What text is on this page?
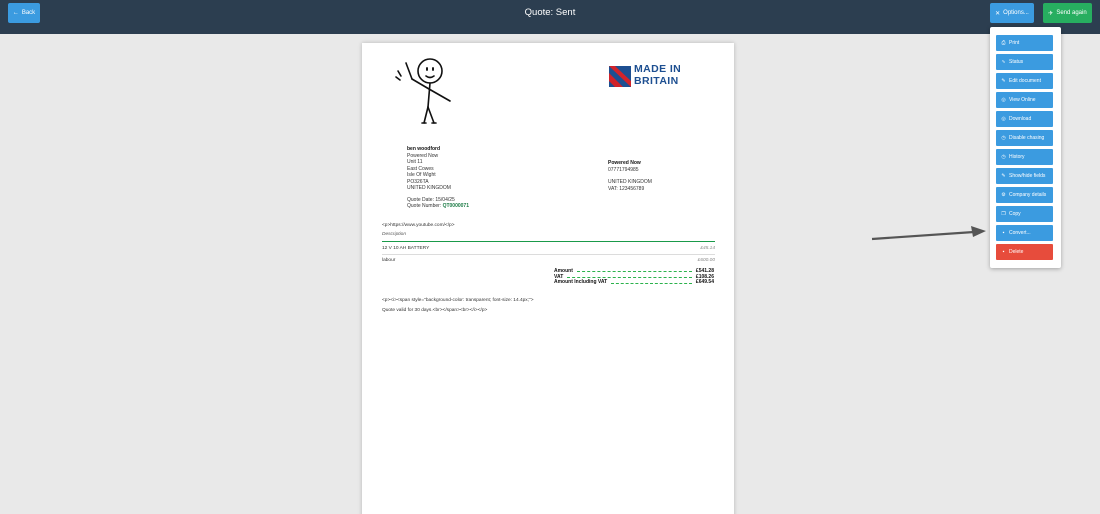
Quote: Sent
← Back	✕ Options...	✈ Send again
MADE IN
BRITAIN
ben woodford
Powered Now
Unit 11
East Cowes
Isle Of Wight
PO326TA
UNITED KINGDOM
Quote Date: 15/04/25
Quote Number: QT0000071
Powered Now
07771794985
UNITED KINGDOM
VAT: 123456789
<p>https://www.youtube.com/</p>
Description
12 V 10 AH BATTERY	£45.14
labour	£600.00
Amount	£541.28
VAT	£108.26
Amount Including VAT	£649.54
<p><i><span style="background-color: transparent; font-size: 14.4px;">
Quote valid for 30 days.<br></span><br></i></p>
⎙ Print
∿ Status
✎ Edit document
◎ View Online
◎ Download
◷ Disable chasing
◷ History
✎ Show/hide fields
⚙ Company details
❐ Copy
▪ Convert...
▪ Delete
